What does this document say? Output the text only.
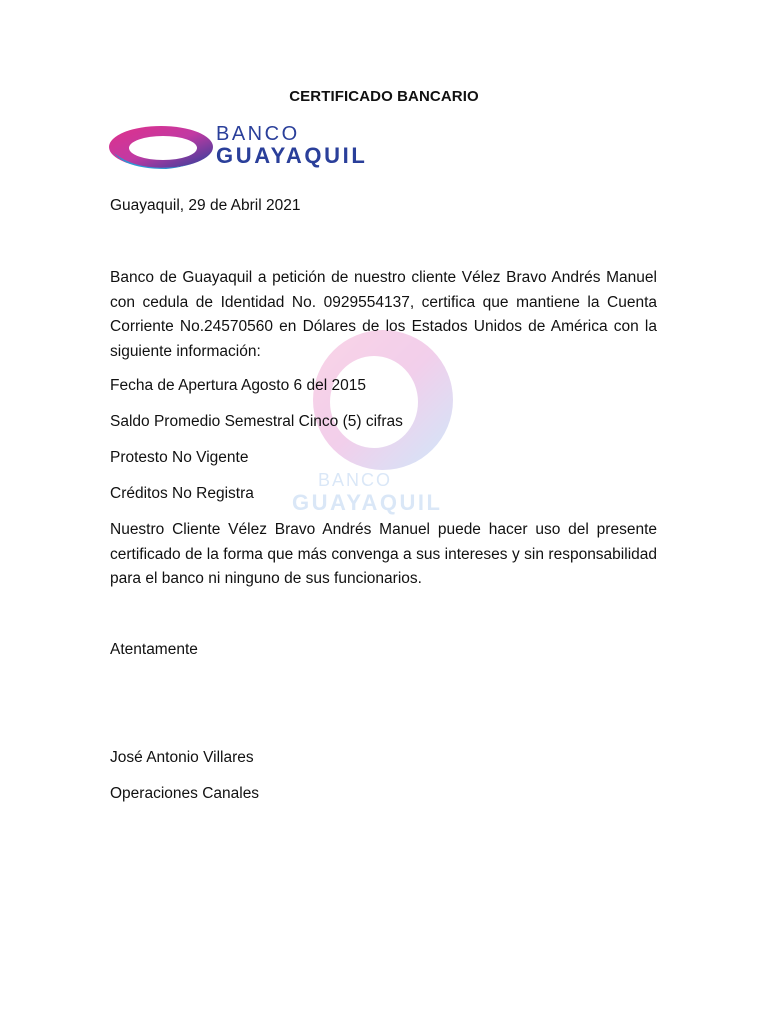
CERTIFICADO BANCARIO
BANCO
GUAYAQUIL
BANCO
GUAYAQUIL
Guayaquil, 29 de Abril 2021
Banco de Guayaquil a petición de nuestro cliente Vélez Bravo Andrés Manuel con cedula de Identidad No. 0929554137, certifica que mantiene la Cuenta Corriente No.24570560 en Dólares de los Estados Unidos de América con la siguiente información:
Fecha de Apertura Agosto 6 del 2015
Saldo Promedio Semestral Cinco (5) cifras
Protesto No Vigente
Créditos No Registra
Nuestro Cliente Vélez Bravo Andrés Manuel puede hacer uso del presente certificado de la forma que más convenga a sus intereses y sin responsabilidad para el banco ni ninguno de sus funcionarios.
Atentamente
José Antonio Villares
Operaciones Canales
